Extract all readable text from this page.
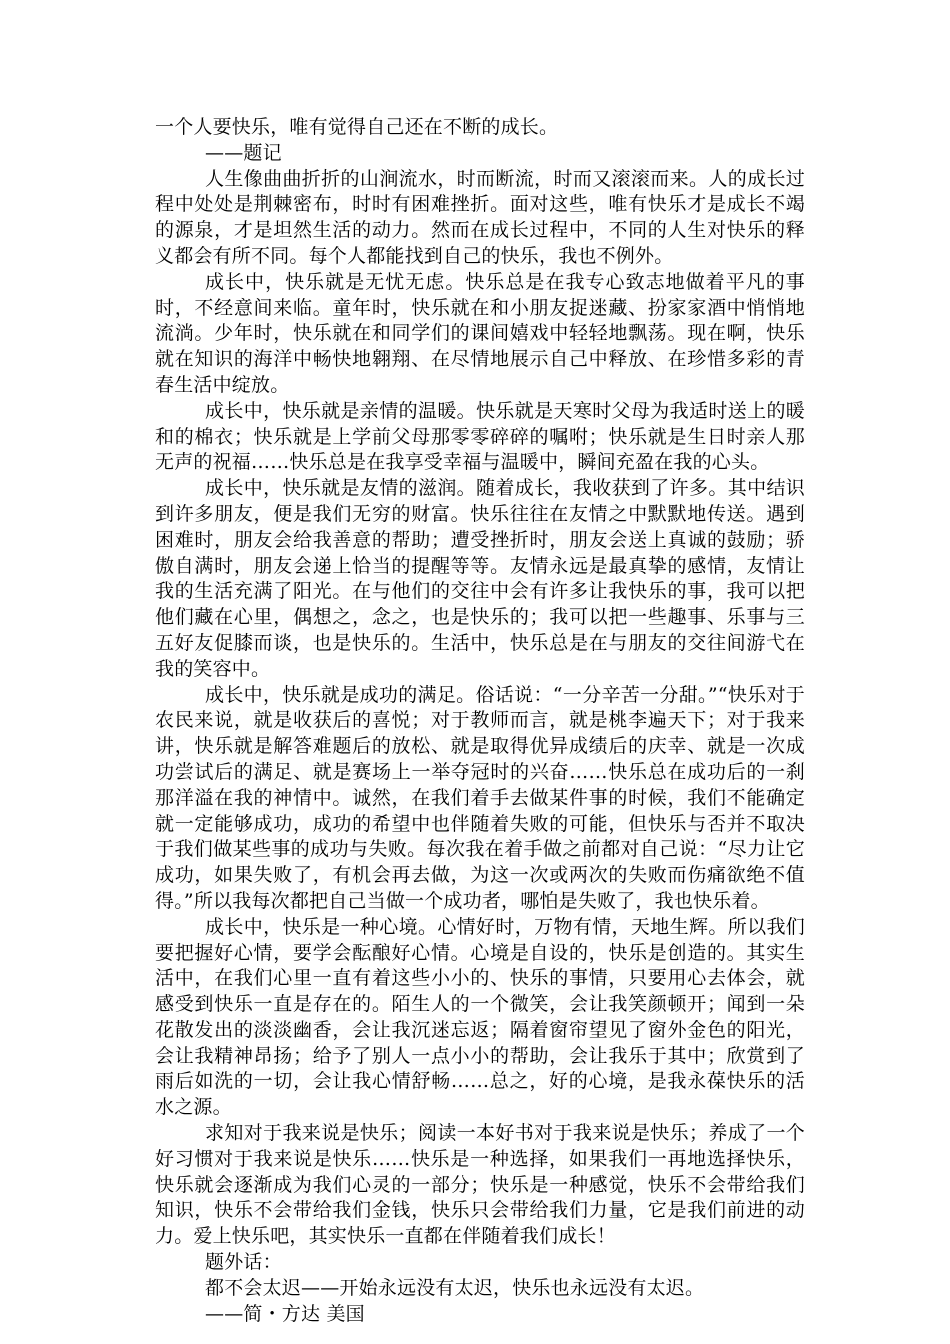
一个人要快乐，唯有觉得自己还在不断的成长。

——题记

人生像曲曲折折的山涧流水，时而断流，时而又滚滚而来。人的成长过程中处处是荆棘密布，时时有困难挫折。面对这些，唯有快乐才是成长不竭的源泉，才是坦然生活的动力。然而在成长过程中，不同的人生对快乐的释义都会有所不同。每个人都能找到自己的快乐，我也不例外。

成长中，快乐就是无忧无虑。快乐总是在我专心致志地做着平凡的事时，不经意间来临。童年时，快乐就在和小朋友捉迷藏、扮家家酒中悄悄地流淌。少年时，快乐就在和同学们的课间嬉戏中轻轻地飘荡。现在啊，快乐就在知识的海洋中畅快地翱翔、在尽情地展示自己中释放、在珍惜多彩的青春生活中绽放。

成长中，快乐就是亲情的温暖。快乐就是天寒时父母为我适时送上的暖和的棉衣；快乐就是上学前父母那零零碎碎的嘱咐；快乐就是生日时亲人那无声的祝福……快乐总是在我享受幸福与温暖中，瞬间充盈在我的心头。

成长中，快乐就是友情的滋润。随着成长，我收获到了许多。其中结识到许多朋友，便是我们无穷的财富。快乐往往在友情之中默默地传送。遇到困难时，朋友会给我善意的帮助；遭受挫折时，朋友会送上真诚的鼓励；骄傲自满时，朋友会递上恰当的提醒等等。友情永远是最真挚的感情，友情让我的生活充满了阳光。在与他们的交往中会有许多让我快乐的事，我可以把他们藏在心里，偶想之，念之，也是快乐的；我可以把一些趣事、乐事与三五好友促膝而谈，也是快乐的。生活中，快乐总是在与朋友的交往间游弋在我的笑容中。

成长中，快乐就是成功的满足。俗话说：“一分辛苦一分甜。”“快乐对于农民来说，就是收获后的喜悦；对于教师而言，就是桃李遍天下；对于我来讲，快乐就是解答难题后的放松、就是取得优异成绩后的庆幸、就是一次成功尝试后的满足、就是赛场上一举夺冠时的兴奋……快乐总在成功后的一刹那洋溢在我的神情中。诚然，在我们着手去做某件事的时候，我们不能确定就一定能够成功，成功的希望中也伴随着失败的可能，但快乐与否并不取决于我们做某些事的成功与失败。每次我在着手做之前都对自己说：“尽力让它成功，如果失败了，有机会再去做，为这一次或两次的失败而伤痛欲绝不值得。”所以我每次都把自己当做一个成功者，哪怕是失败了，我也快乐着。

成长中，快乐是一种心境。心情好时，万物有情，天地生辉。所以我们要把握好心情，要学会酝酿好心情。心境是自设的，快乐是创造的。其实生活中，在我们心里一直有着这些小小的、快乐的事情，只要用心去体会，就感受到快乐一直是存在的。陌生人的一个微笑，会让我笑颜顿开；闻到一朵花散发出的淡淡幽香，会让我沉迷忘返；隔着窗帘望见了窗外金色的阳光，会让我精神昂扬；给予了别人一点小小的帮助，会让我乐于其中；欣赏到了雨后如洗的一切，会让我心情舒畅……总之，好的心境，是我永葆快乐的活水之源。

求知对于我来说是快乐；阅读一本好书对于我来说是快乐；养成了一个好习惯对于我来说是快乐……快乐是一种选择，如果我们一再地选择快乐，快乐就会逐渐成为我们心灵的一部分；快乐是一种感觉，快乐不会带给我们知识，快乐不会带给我们金钱，快乐只会带给我们力量，它是我们前进的动力。爱上快乐吧，其实快乐一直都在伴随着我们成长！

题外话：

都不会太迟——开始永远没有太迟，快乐也永远没有太迟。

——简・方达 美国
